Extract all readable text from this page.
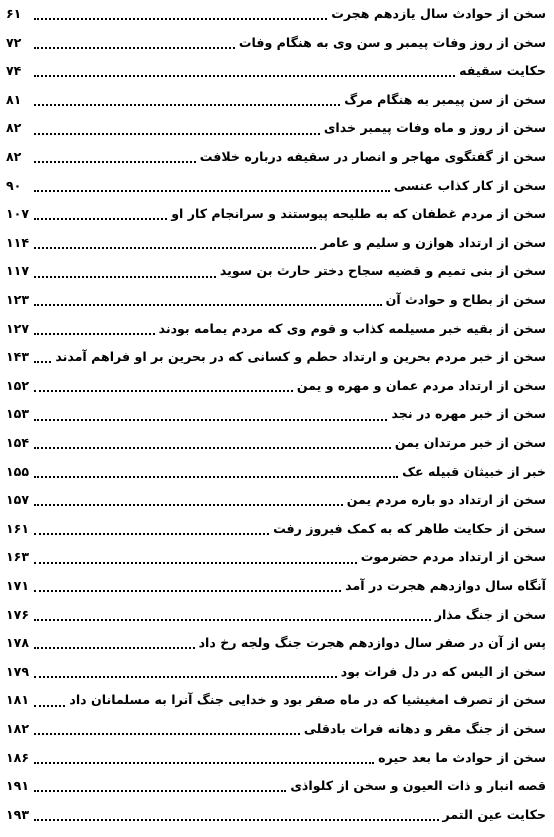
سخن از حوادث سال یازدهم هجرت
۶۱
سخن از روز وفات پیمبر و سن وی به هنگام وفات
۷۲
حکایت سقیفه
۷۴
سخن از سن پیمبر به هنگام مرگ
۸۱
سخن از روز و ماه وفات پیمبر خدای
۸۲
سخن از گفتگوی مهاجر و انصار در سقیفه درباره خلافت
۸۲
سخن از کار کذاب عنسی
۹۰
سخن از مردم غطفان که به طلیحه پیوستند و سرانجام کار او
۱۰۷
سخن از ارتداد هوازن و سلیم و عامر
۱۱۴
سخن از بنی تمیم و قضیه سجاح دختر حارث بن سوید
۱۱۷
سخن از بطاح و حوادث آن
۱۲۳
سخن از بقیه خبر مسیلمه کذاب و قوم وی که مردم یمامه بودند
۱۲۷
سخن از خبر مردم بحرین و ارتداد حطم و کسانی که در بحرین بر او فراهم آمدند
۱۴۳
سخن از ارتداد مردم عمان و مهره و یمن
۱۵۲
سخن از خبر مهره در نجد
۱۵۳
سخن از خبر مرتدان یمن
۱۵۴
خبر از خبیثان قبیله عک
۱۵۵
سخن از ارتداد دو باره مردم یمن
۱۵۷
سخن از حکایت طاهر که به کمک فیروز رفت
۱۶۱
سخن از ارتداد مردم حضرموت
۱۶۳
آنگاه سال دوازدهم هجرت در آمد
۱۷۱
سخن از جنگ مذار
۱۷۶
پس از آن در صفر سال دوازدهم هجرت جنگ ولجه رخ داد
۱۷۸
سخن از الیس که در دل فرات بود
۱۷۹
سخن از تصرف امغیشیا که در ماه صفر بود و خدایی جنگ آنرا به مسلمانان داد
۱۸۱
سخن از جنگ مقر و دهانه فرات بادقلی
۱۸۲
سخن از حوادث ما بعد حیره
۱۸۶
قصه انبار و ذات العیون و سخن از کلواذی
۱۹۱
حکایت عین التمر
۱۹۳
